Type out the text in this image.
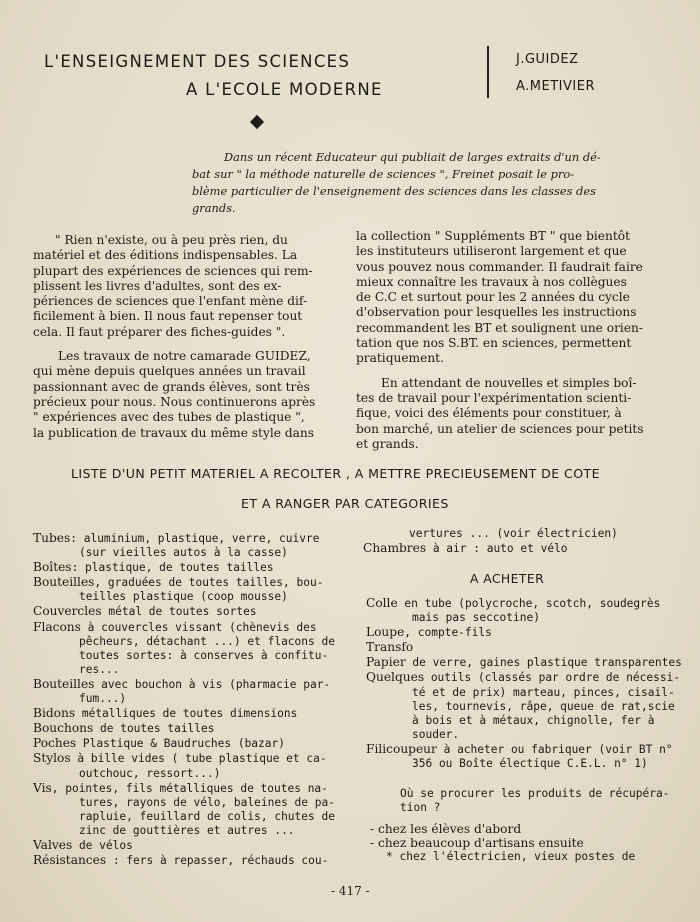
L'ENSEIGNEMENT DES SCIENCES
A L'ECOLE MODERNE
J.GUIDEZ
A.METIVIER
Dans un récent Educateur qui publiait de larges extraits d'un dé-
bat sur " la méthode naturelle de sciences ", Freinet posait le pro-
blème particulier de l'enseignement des sciences dans les classes des
grands.
" Rien n'existe, ou à peu près rien, du
matériel et des éditions indispensables. La
plupart des expériences de sciences qui rem-
plissent les livres d'adultes, sont des ex-
périences de sciences que l'enfant mène dif-
ficilement à bien. Il nous faut repenser tout
cela. Il faut préparer des fiches-guides ".
Les travaux de notre camarade GUIDEZ,
qui mène depuis quelques années un travail
passionnant avec de grands élèves, sont très
précieux pour nous. Nous continuerons après
" expériences avec des tubes de plastique ",
la publication de travaux du même style dans
la collection " Suppléments BT " que bientôt
les instituteurs utiliseront largement et que
vous pouvez nous commander. Il faudrait faire
mieux connaître les travaux à nos collègues
de C.C et surtout pour les 2 années du cycle
d'observation pour lesquelles les instructions
recommandent les BT et soulignent une orien-
tation que nos S.BT. en sciences, permettent
pratiquement.
En attendant de nouvelles et simples boî-
tes de travail pour l'expérimentation scienti-
fique, voici des éléments pour constituer, à
bon marché, un atelier de sciences pour petits
et grands.
LISTE D'UN PETIT MATERIEL A RECOLTER , A METTRE PRECIEUSEMENT DE COTE
ET A RANGER PAR CATEGORIES
Tubes: aluminium, plastique, verre, cuivre
(sur vieilles autos à la casse)
Boîtes: plastique, de toutes tailles
Bouteilles, graduées de toutes tailles, bou-
teilles plastique (coop mousse)
Couvercles métal de toutes sortes
Flacons à couvercles vissant (chènevis des
pêcheurs, détachant ...) et flacons de
toutes sortes: à conserves à confitu-
res...
Bouteilles avec bouchon à vis (pharmacie par-
fum...)
Bidons métalliques de toutes dimensions
Bouchons de toutes tailles
Poches Plastique & Baudruches (bazar)
Stylos à bille vides ( tube plastique et ca-
outchouc, ressort...)
Vis, pointes, fils métalliques de toutes na-
tures, rayons de vélo, baleines de pa-
rapluie, feuillard de colis, chutes de
zinc de gouttières et autres ...
Valves de vélos
Résistances : fers à repasser, réchauds cou-
vertures ... (voir électricien)
Chambres à air : auto et vélo
A ACHETER
Colle en tube (polycroche, scotch, soudegrès
mais pas seccotine)
Loupe, compte-fils
Transfo
Papier de verre, gaines plastique transparentes
Quelques outils (classés par ordre de nécessi-
té et de prix) marteau, pinces, cisail-
les, tournevis, râpe, queue de rat,scie
à bois et à métaux, chignolle, fer à
souder.
Filicoupeur à acheter ou fabriquer (voir BT n°
356 ou Boîte électique C.E.L. n° 1)
Où se procurer les produits de récupéra-
tion ?
- chez les élèves d'abord
- chez beaucoup d'artisans ensuite
* chez l'électricien, vieux postes de
- 417 -
